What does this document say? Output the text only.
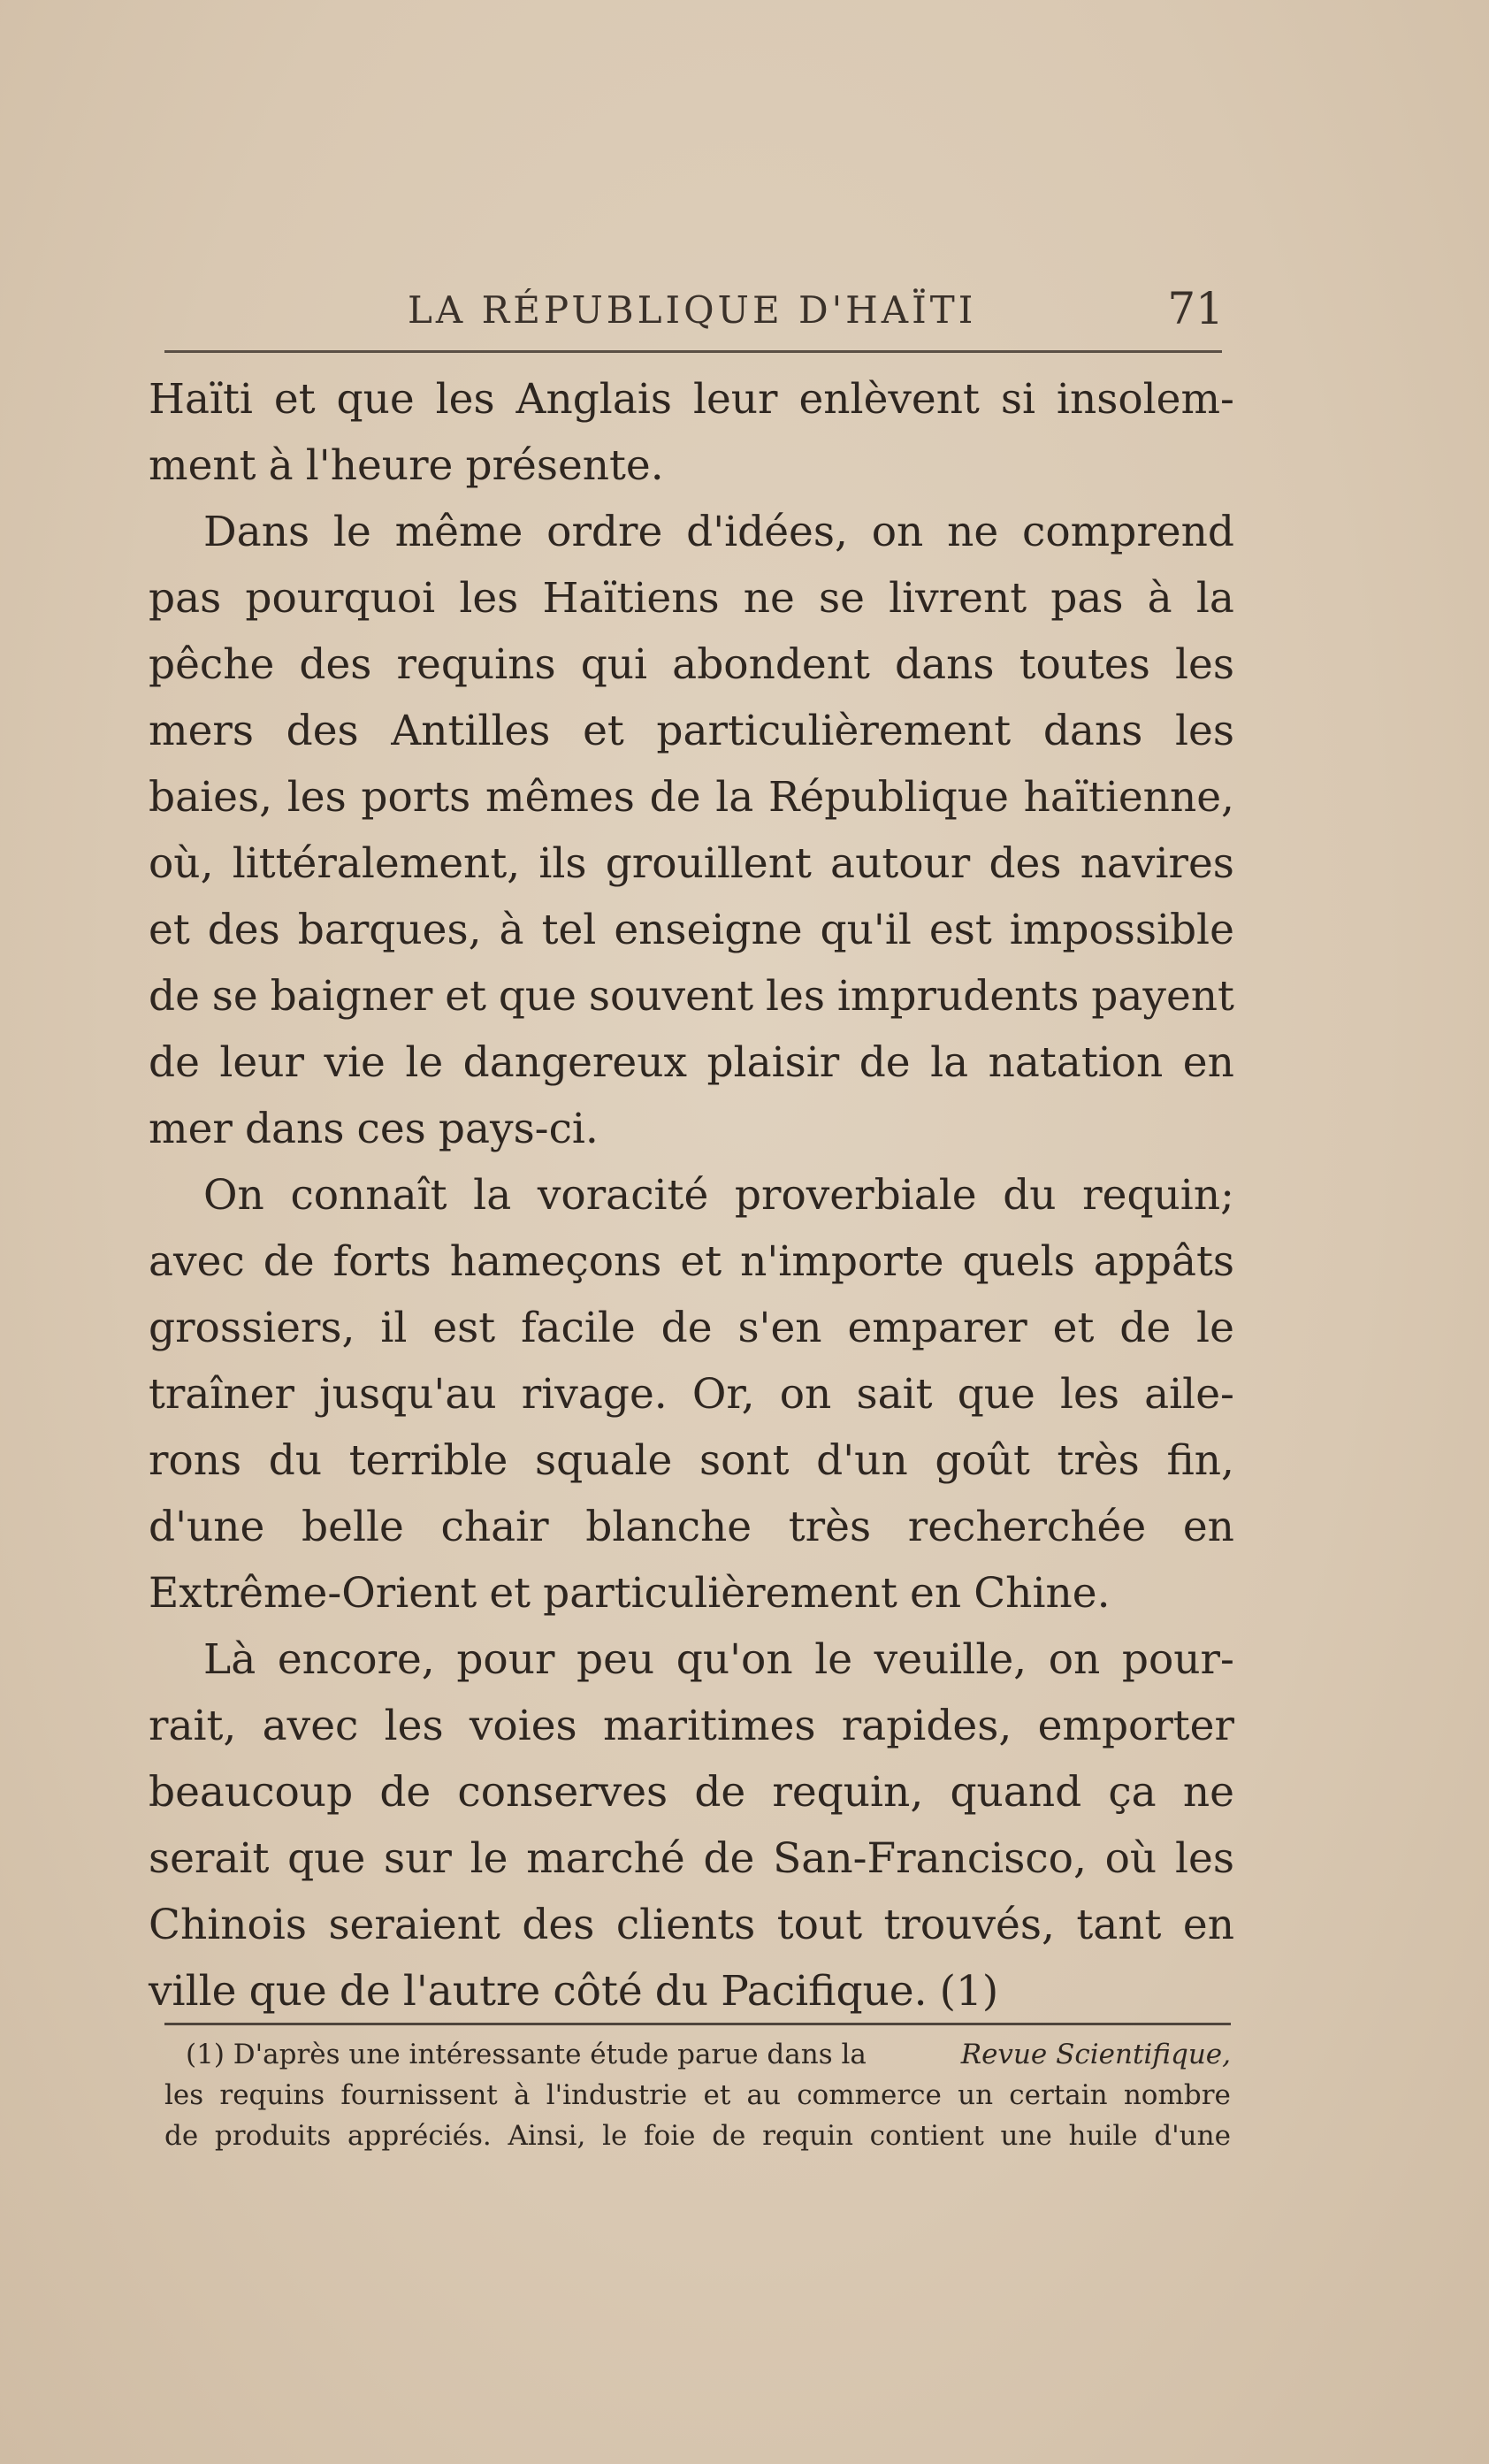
LA RÉPUBLIQUE D'HAÏTI	71
Haïti et que les Anglais leur enlèvent si insolem-
ment à l'heure présente.
Dans le même ordre d'idées, on ne comprend
pas pourquoi les Haïtiens ne se livrent pas à la
pêche des requins qui abondent dans toutes les
mers des Antilles et particulièrement dans les
baies, les ports mêmes de la République haïtienne,
où, littéralement, ils grouillent autour des navires
et des barques, à tel enseigne qu'il est impossible
de se baigner et que souvent les imprudents payent
de leur vie le dangereux plaisir de la natation en
mer dans ces pays-ci.
On connaît la voracité proverbiale du requin;
avec de forts hameçons et n'importe quels appâts
grossiers, il est facile de s'en emparer et de le
traîner jusqu'au rivage. Or, on sait que les aile-
rons du terrible squale sont d'un goût très fin,
d'une belle chair blanche très recherchée en
Extrême-Orient et particulièrement en Chine.
Là encore, pour peu qu'on le veuille, on pour-
rait, avec les voies maritimes rapides, emporter
beaucoup de conserves de requin, quand ça ne
serait que sur le marché de San-Francisco, où les
Chinois seraient des clients tout trouvés, tant en
ville que de l'autre côté du Pacifique. (1)
(1) D'après une intéressante étude parue dans la	Revue Scientifique,
les requins fournissent à l'industrie et au commerce un certain nombre
de produits appréciés. Ainsi, le foie de requin contient une huile d'une
